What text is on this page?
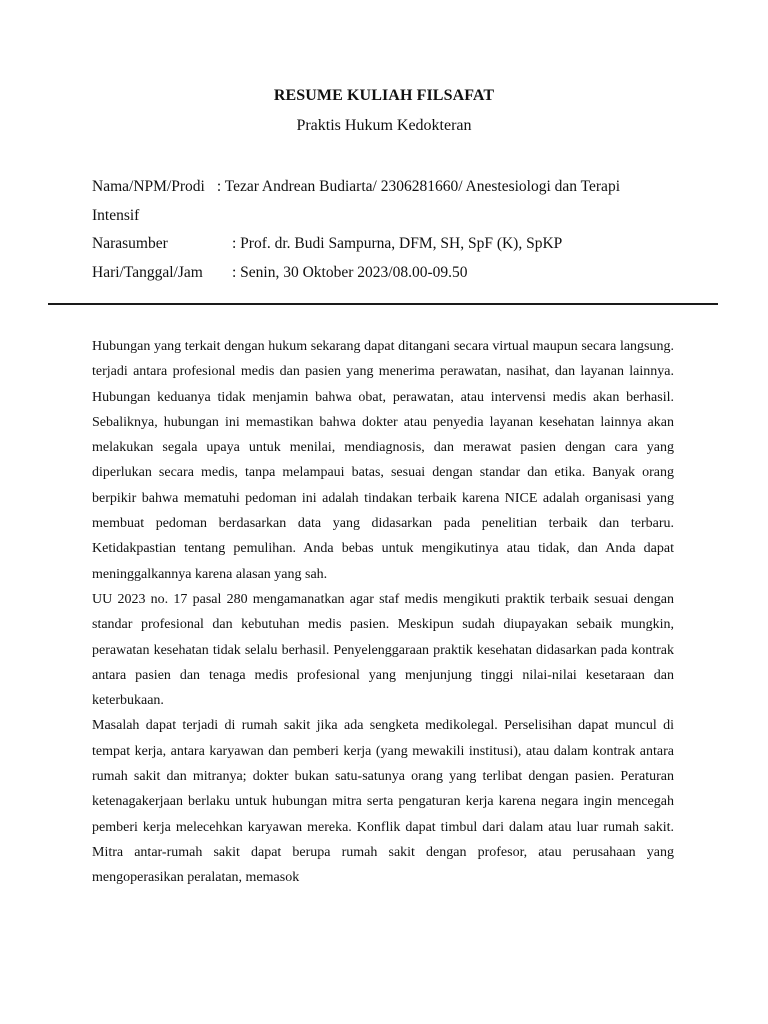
RESUME KULIAH FILSAFAT
Praktis Hukum Kedokteran
Nama/NPM/Prodi : Tezar Andrean Budiarta/ 2306281660/ Anestesiologi dan Terapi Intensif
Narasumber	: Prof. dr. Budi Sampurna, DFM, SH, SpF (K), SpKP
Hari/Tanggal/Jam : Senin, 30 Oktober 2023/08.00-09.50

Hubungan yang terkait dengan hukum sekarang dapat ditangani secara virtual maupun secara langsung. terjadi antara profesional medis dan pasien yang menerima perawatan, nasihat, dan layanan lainnya. Hubungan keduanya tidak menjamin bahwa obat, perawatan, atau intervensi medis akan berhasil. Sebaliknya, hubungan ini memastikan bahwa dokter atau penyedia layanan kesehatan lainnya akan melakukan segala upaya untuk menilai, mendiagnosis, dan merawat pasien dengan cara yang diperlukan secara medis, tanpa melampaui batas, sesuai dengan standar dan etika. Banyak orang berpikir bahwa mematuhi pedoman ini adalah tindakan terbaik karena NICE adalah organisasi yang membuat pedoman berdasarkan data yang didasarkan pada penelitian terbaik dan terbaru. Ketidakpastian tentang pemulihan. Anda bebas untuk mengikutinya atau tidak, dan Anda dapat meninggalkannya karena alasan yang sah.

UU 2023 no. 17 pasal 280 mengamanatkan agar staf medis mengikuti praktik terbaik sesuai dengan standar profesional dan kebutuhan medis pasien. Meskipun sudah diupayakan sebaik mungkin, perawatan kesehatan tidak selalu berhasil. Penyelenggaraan praktik kesehatan didasarkan pada kontrak antara pasien dan tenaga medis profesional yang menjunjung tinggi nilai-nilai kesetaraan dan keterbukaan.

Masalah dapat terjadi di rumah sakit jika ada sengketa medikolegal. Perselisihan dapat muncul di tempat kerja, antara karyawan dan pemberi kerja (yang mewakili institusi), atau dalam kontrak antara rumah sakit dan mitranya; dokter bukan satu-satunya orang yang terlibat dengan pasien. Peraturan ketenagakerjaan berlaku untuk hubungan mitra serta pengaturan kerja karena negara ingin mencegah pemberi kerja melecehkan karyawan mereka. Konflik dapat timbul dari dalam atau luar rumah sakit. Mitra antar-rumah sakit dapat berupa rumah sakit dengan profesor, atau perusahaan yang mengoperasikan peralatan, memasok
